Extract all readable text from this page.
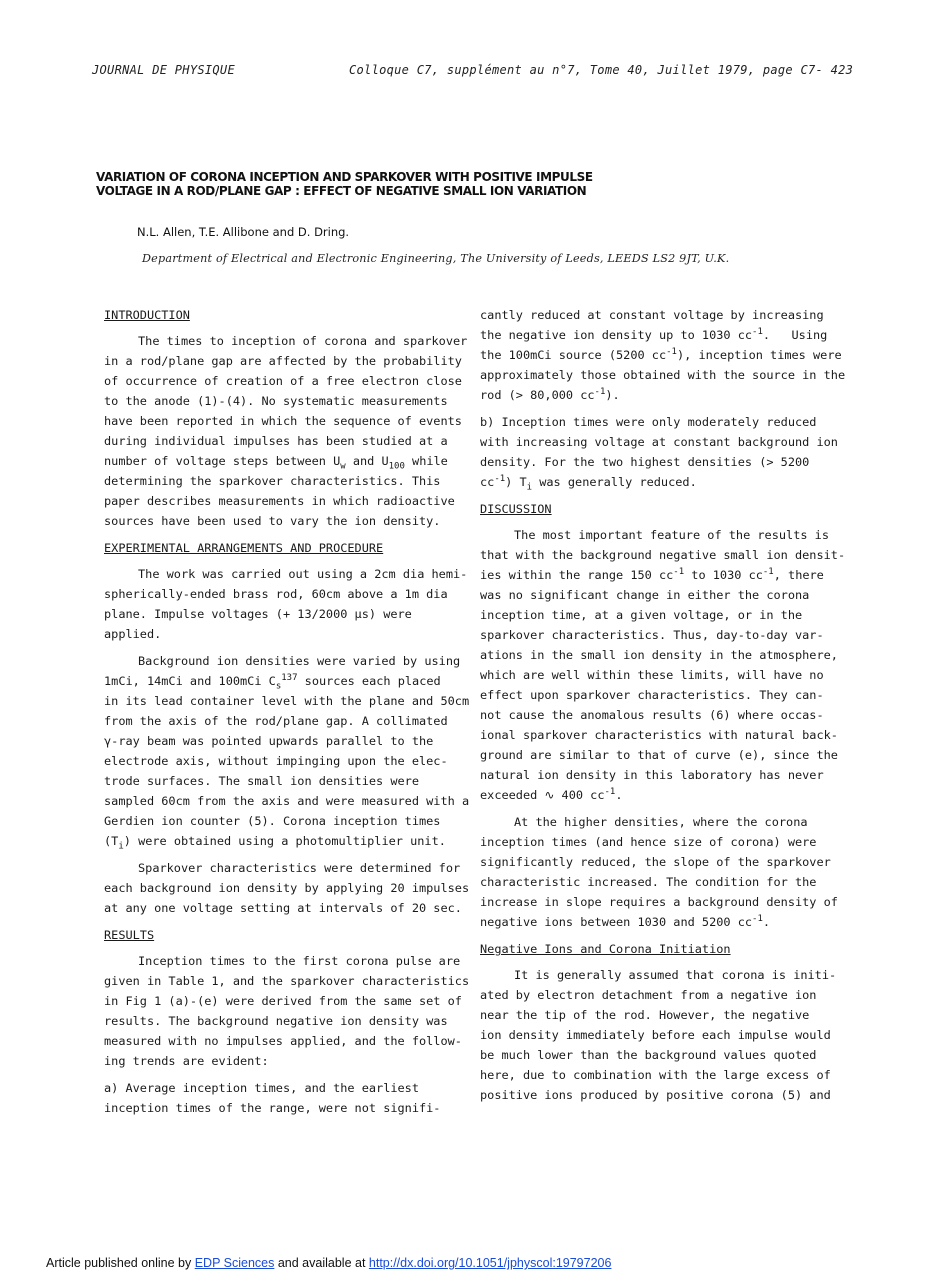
JOURNAL DE PHYSIQUE	Colloque C7, supplément au n°7, Tome 40, Juillet 1979, page C7- 423
VARIATION OF CORONA INCEPTION AND SPARKOVER WITH POSITIVE IMPULSE
VOLTAGE IN A ROD/PLANE GAP : EFFECT OF NEGATIVE SMALL ION VARIATION
N.L. Allen, T.E. Allibone and D. Dring.
Department of Electrical and Electronic Engineering, The University of Leeds, LEEDS LS2 9JT, U.K.
INTRODUCTION
The times to inception of corona and sparkover
in a rod/plane gap are affected by the probability
of occurrence of creation of a free electron close
to the anode (1)-(4). No systematic measurements
have been reported in which the sequence of events
during individual impulses has been studied at a
number of voltage steps between $U_w$ and $U_{100}$ while
determining the sparkover characteristics. This
paper describes measurements in which radioactive
sources have been used to vary the ion density.
EXPERIMENTAL ARRANGEMENTS AND PROCEDURE
The work was carried out using a 2cm dia hemi-
spherically-ended brass rod, 60cm above a 1m dia
plane. Impulse voltages (+ 13/2000 µs) were
applied.
Background ion densities were varied by using
1mCi, 14mCi and 100mCi $C_s^{137}$ sources each placed
in its lead container level with the plane and 50cm
from the axis of the rod/plane gap. A collimated
γ-ray beam was pointed upwards parallel to the
electrode axis, without impinging upon the elec-
trode surfaces. The small ion densities were
sampled 60cm from the axis and were measured with a
Gerdien ion counter (5). Corona inception times
$(T_i)$ were obtained using a photomultiplier unit.
Sparkover characteristics were determined for
each background ion density by applying 20 impulses
at any one voltage setting at intervals of 20 sec.
RESULTS
Inception times to the first corona pulse are
given in Table 1, and the sparkover characteristics
in Fig 1 (a)-(e) were derived from the same set of
results. The background negative ion density was
measured with no impulses applied, and the follow-
ing trends are evident:
a) Average inception times, and the earliest
inception times of the range, were not signifi-
cantly reduced at constant voltage by increasing
the negative ion density up to 1030 $cc^{-1}$.   Using
the 100mCi source (5200 $cc^{-1}$), inception times were
approximately those obtained with the source in the
rod (> 80,000 $cc^{-1}$).
b) Inception times were only moderately reduced
with increasing voltage at constant background ion
density. For the two highest densities (> 5200
$cc^{-1}$) $T_i$ was generally reduced.
DISCUSSION
The most important feature of the results is
that with the background negative small ion densit-
ies within the range 150 $cc^{-1}$ to 1030 $cc^{-1}$, there
was no significant change in either the corona
inception time, at a given voltage, or in the
sparkover characteristics. Thus, day-to-day var-
ations in the small ion density in the atmosphere,
which are well within these limits, will have no
effect upon sparkover characteristics. They can-
not cause the anomalous results (6) where occas-
ional sparkover characteristics with natural back-
ground are similar to that of curve (e), since the
natural ion density in this laboratory has never
exceeded ∿ 400 $cc^{-1}$.
At the higher densities, where the corona
inception times (and hence size of corona) were
significantly reduced, the slope of the sparkover
characteristic increased. The condition for the
increase in slope requires a background density of
negative ions between 1030 and 5200 $cc^{-1}$.
Negative Ions and Corona Initiation
It is generally assumed that corona is initi-
ated by electron detachment from a negative ion
near the tip of the rod. However, the negative
ion density immediately before each impulse would
be much lower than the background values quoted
here, due to combination with the large excess of
positive ions produced by positive corona (5) and
Article published online by EDP Sciences and available at http://dx.doi.org/10.1051/jphyscol:19797206
